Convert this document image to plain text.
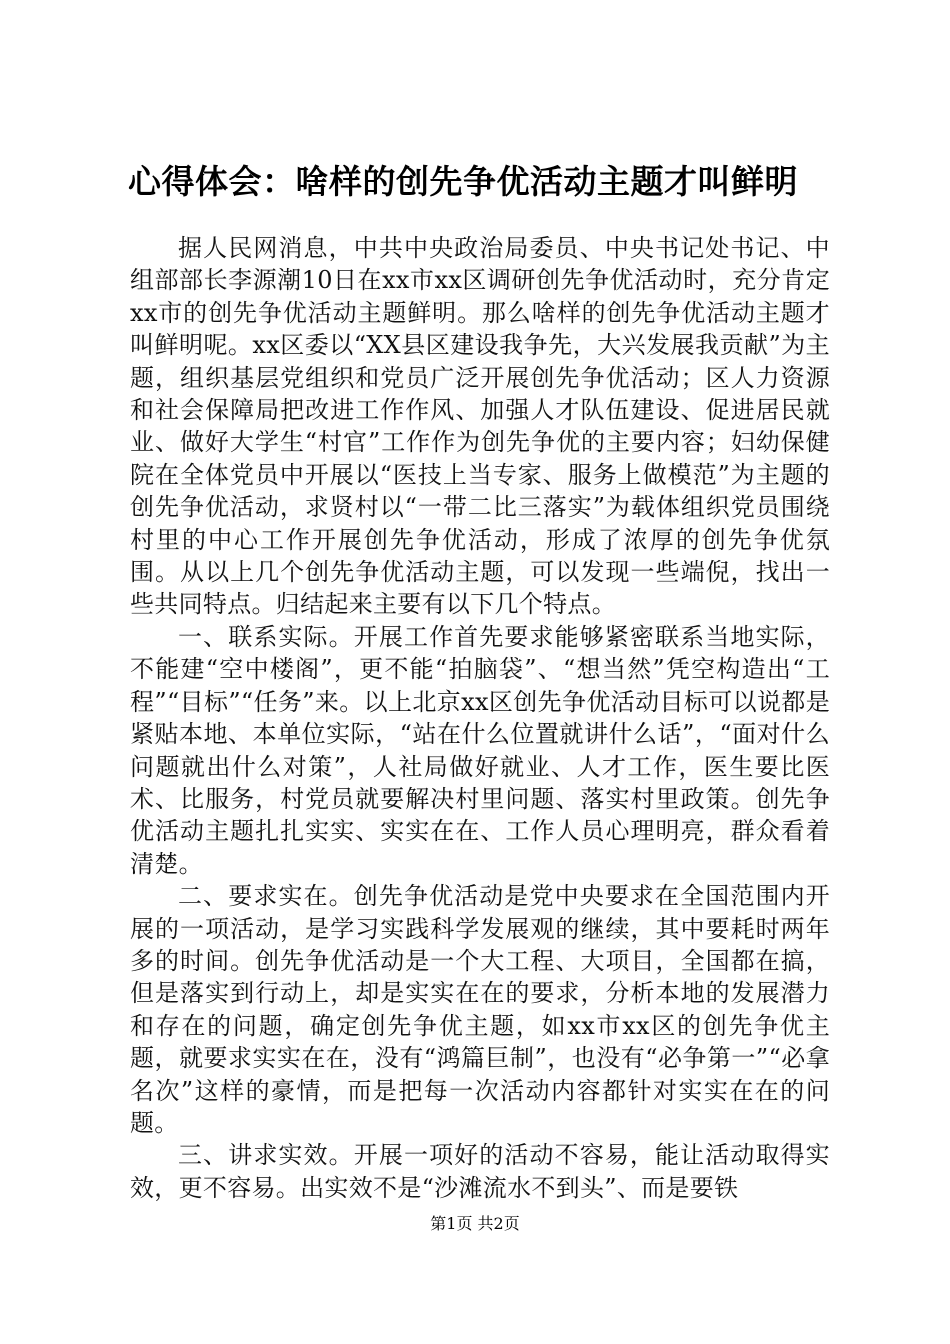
心得体会：啥样的创先争优活动主题才叫鲜明

据人民网消息，中共中央政治局委员、中央书记处书记、中组部部长李源潮10日在xx市xx区调研创先争优活动时，充分肯定xx市的创先争优活动主题鲜明。那么啥样的创先争优活动主题才叫鲜明呢。xx区委以“XX县区建设我争先，大兴发展我贡献”为主题，组织基层党组织和党员广泛开展创先争优活动；区人力资源和社会保障局把改进工作作风、加强人才队伍建设、促进居民就业、做好大学生“村官”工作作为创先争优的主要内容；妇幼保健院在全体党员中开展以“医技上当专家、服务上做模范”为主题的创先争优活动，求贤村以“一带二比三落实”为载体组织党员围绕村里的中心工作开展创先争优活动，形成了浓厚的创先争优氛围。从以上几个创先争优活动主题，可以发现一些端倪，找出一些共同特点。归结起来主要有以下几个特点。

一、联系实际。开展工作首先要求能够紧密联系当地实际，不能建“空中楼阁”，更不能“拍脑袋”、“想当然”凭空构造出“工程”“目标”“任务”来。以上北京xx区创先争优活动目标可以说都是紧贴本地、本单位实际，“站在什么位置就讲什么话”，“面对什么问题就出什么对策”，人社局做好就业、人才工作，医生要比医术、比服务，村党员就要解决村里问题、落实村里政策。创先争优活动主题扎扎实实、实实在在、工作人员心理明亮，群众看着清楚。

二、要求实在。创先争优活动是党中央要求在全国范围内开展的一项活动，是学习实践科学发展观的继续，其中要耗时两年多的时间。创先争优活动是一个大工程、大项目，全国都在搞，但是落实到行动上，却是实实在在的要求，分析本地的发展潜力和存在的问题，确定创先争优主题，如xx市xx区的创先争优主题，就要求实实在在，没有“鸿篇巨制”，也没有“必争第一”“必拿名次”这样的豪情，而是把每一次活动内容都针对实实在在的问题。

三、讲求实效。开展一项好的活动不容易，能让活动取得实效，更不容易。出实效不是“沙滩流水不到头”、而是要铁

第1页 共2页
